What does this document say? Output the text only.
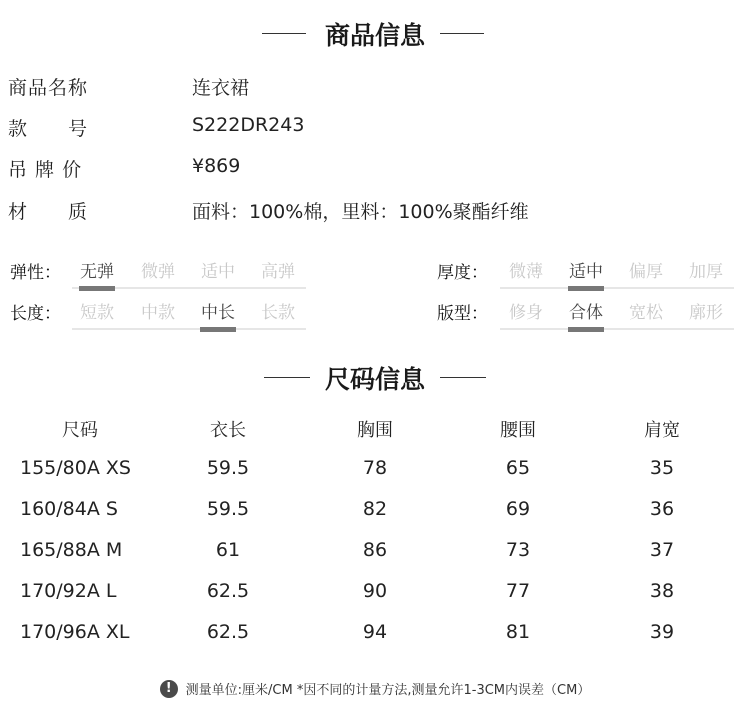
商品信息
商品名称	连衣裙
款　　号	S222DR243
吊 牌 价	¥869
材　　质	面料：100%棉，里料：100%聚酯纤维
弹性： 无弹 微弹 适中 高弹	厚度： 微薄 适中 偏厚 加厚
长度： 短款 中款 中长 长款	版型： 修身 合体 宽松 廓形
尺码信息
尺码	衣长	胸围	腰围	肩宽
155/80A XS	59.5	78	65	35
160/84A S	59.5	82	69	36
165/88A M	61	86	73	37
170/92A L	62.5	90	77	38
170/96A XL	62.5	94	81	39
! 测量单位:厘米/CM *因不同的计量方法,测量允许1-3CM内误差（CM）
